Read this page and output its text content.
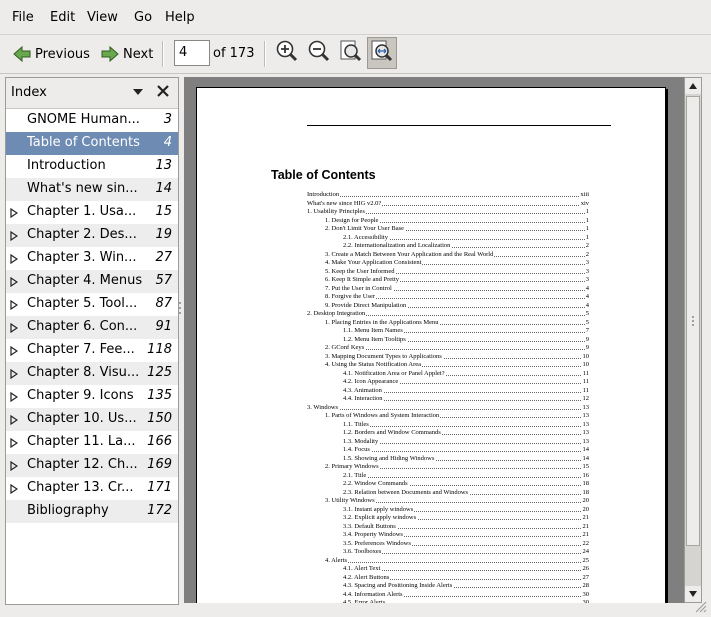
File Edit View Go Help
Previous	Next	4	of 173
Index
GNOME Human... 3
Table of Contents 4
Introduction	13
What's new sin...	14
Chapter 1. Usa...	15
Chapter 2. Des...	19
Chapter 3. Win...	27
Chapter 4. Menus 57
Chapter 5. Tool...	87
Chapter 6. Con...	91
Chapter 7. Fee... 118
Chapter 8. Visu... 125
Chapter 9. Icons	135
Chapter 10. Us... 150
Chapter 11. La... 166
Chapter 12. Ch... 169
Chapter 13. Cr...	171
Bibliography	172
Table of Contents
Introduction	xiii
What's new since HIG v2.0?	xiv
1. Usability Principles	1
1. Design for People	1
2. Don't Limit Your User Base	1
2.1. Accessibility	1
2.2. Internationalization and Localization	2
3. Create a Match Between Your Application and the Real World	2
4. Make Your Application Consistent	3
5. Keep the User Informed	3
6. Keep It Simple and Pretty	3
7. Put the User in Control	4
8. Forgive the User	4
9. Provide Direct Manipulation	4
2. Desktop Integration	5
1. Placing Entries in the Applications Menu	5
1.1. Menu Item Names	7
1.2. Menu Item Tooltips	9
2. GConf Keys	9
3. Mapping Document Types to Applications	10
4. Using the Status Notification Area	10
4.1. Notification Area or Panel Applet?	11
4.2. Icon Appearance	11
4.3. Animation	11
4.4. Interaction	12
3. Windows	13
1. Parts of Windows and System Interaction	13
1.1. Titles	13
1.2. Borders and Window Commands	13
1.3. Modality	13
1.4. Focus	14
1.5. Showing and Hiding Windows	14
2. Primary Windows	15
2.1. Title	16
2.2. Window Commands	18
2.3. Relation between Documents and Windows	18
3. Utility Windows	20
3.1. Instant apply windows	20
3.2. Explicit apply windows	21
3.3. Default Buttons	21
3.4. Property Windows	21
3.5. Preferences Windows	22
3.6. Toolboxes	24
4. Alerts	25
4.1. Alert Text	26
4.2. Alert Buttons	27
4.3. Spacing and Positioning Inside Alerts	28
4.4. Information Alerts	30
4.5. Error Alerts	30
